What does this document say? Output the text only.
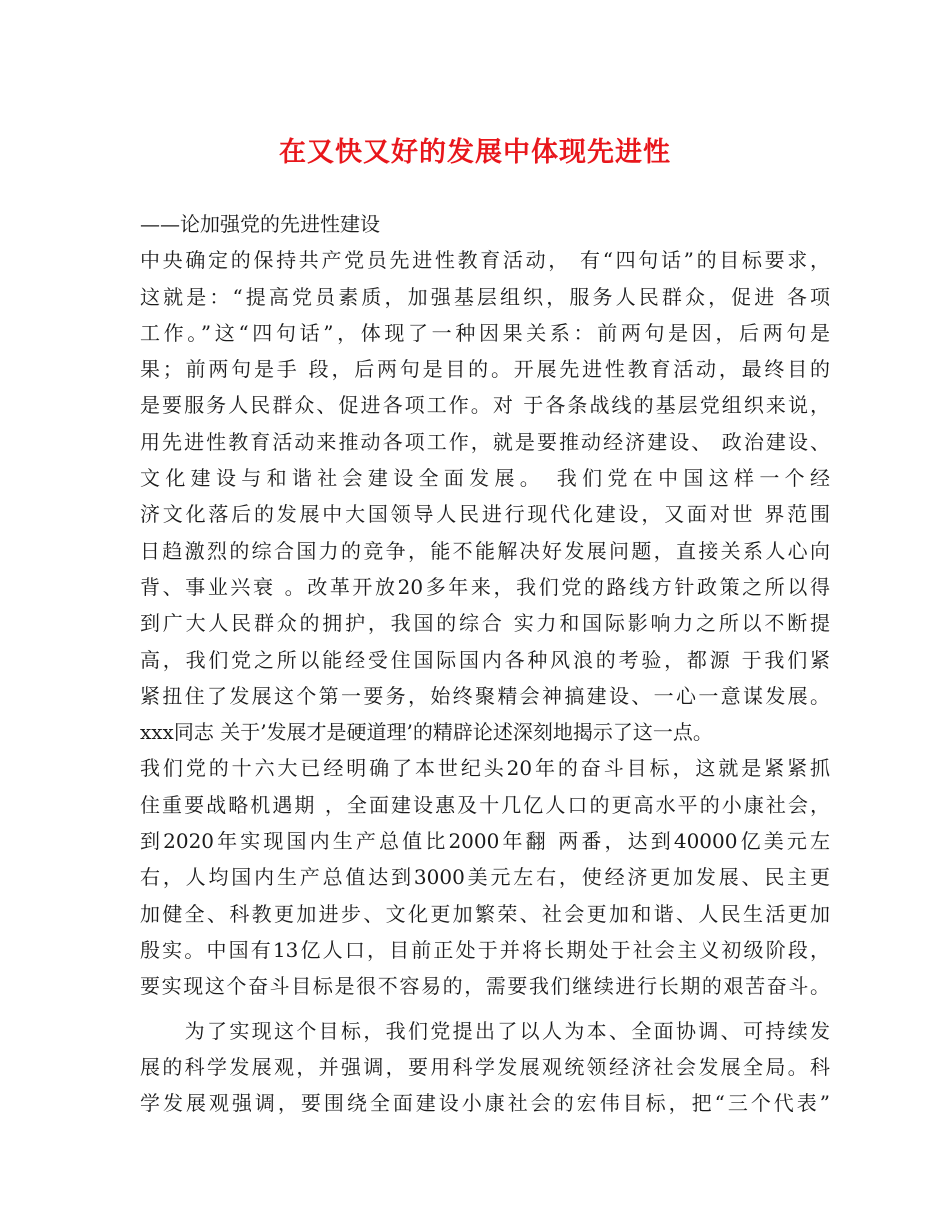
在又快又好的发展中体现先进性
——论加强党的先进性建设
中央确定的保持共产党员先进性教育活动， 有“四句话”的目标要求，
这就是：“提高党员素质，加强基层组织，服务人民群众，促进 各项
工作。”这“四句话”，体现了一种因果关系：前两句是因，后两句是
果；前两句是手 段，后两句是目的。开展先进性教育活动，最终目的
是要服务人民群众、促进各项工作。对 于各条战线的基层党组织来说，
用先进性教育活动来推动各项工作，就是要推动经济建设、 政治建设、
文化建设与和谐社会建设全面发展。 我们党在中国这样一个经
济文化落后的发展中大国领导人民进行现代化建设，又面对世 界范围
日趋激烈的综合国力的竞争，能不能解决好发展问题，直接关系人心向
背、事业兴衰 。改革开放20多年来，我们党的路线方针政策之所以得
到广大人民群众的拥护，我国的综合 实力和国际影响力之所以不断提
高，我们党之所以能经受住国际国内各种风浪的考验，都源 于我们紧
紧扭住了发展这个第一要务，始终聚精会神搞建设、一心一意谋发展。
xxx同志 关于’发展才是硬道理’的精辟论述深刻地揭示了这一点。
我们党的十六大已经明确了本世纪头20年的奋斗目标，这就是紧紧抓
住重要战略机遇期 ，全面建设惠及十几亿人口的更高水平的小康社会，
到2020年实现国内生产总值比2000年翻 两番，达到40000亿美元左
右，人均国内生产总值达到3000美元左右，使经济更加发展、民主更
加健全、科教更加进步、文化更加繁荣、社会更加和谐、人民生活更加
殷实。中国有13亿人口，目前正处于并将长期处于社会主义初级阶段，
要实现这个奋斗目标是很不容易的，需要我们继续进行长期的艰苦奋斗。
　　为了实现这个目标，我们党提出了以人为本、全面协调、可持续发
展的科学发展观，并强调，要用科学发展观统领经济社会发展全局。科
学发展观强调，要围绕全面建设小康社会的宏伟目标，把“三个代表”
